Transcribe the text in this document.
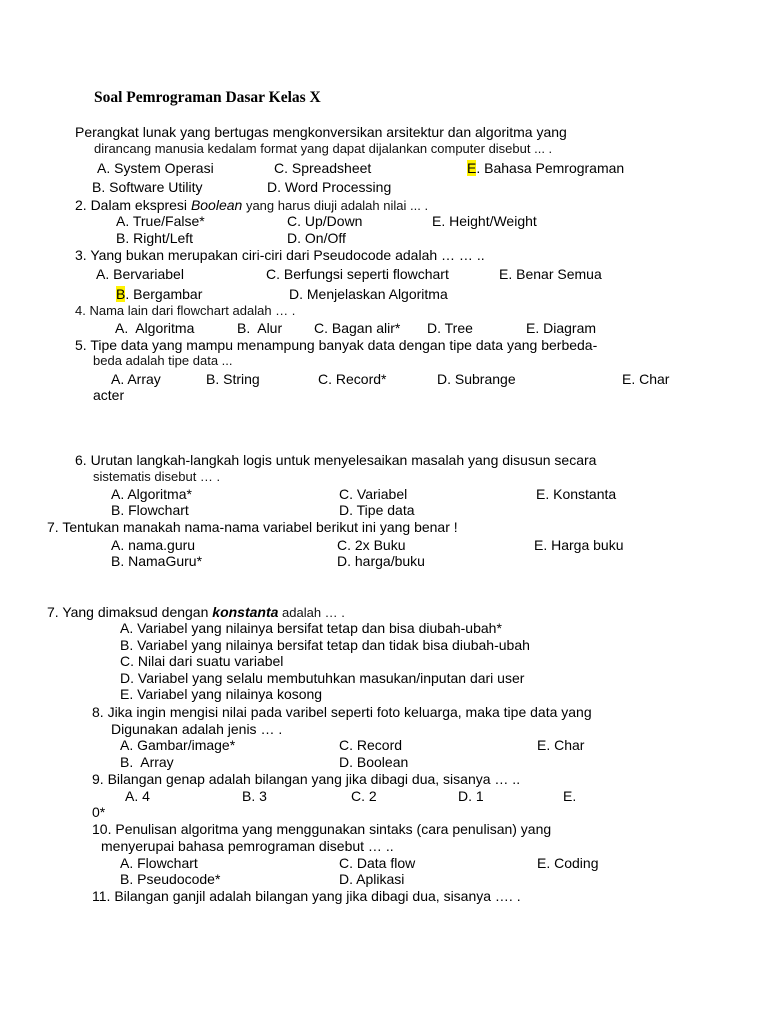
Soal Pemrograman Dasar Kelas X
Perangkat lunak yang bertugas mengkonversikan arsitektur dan algoritma yang
dirancang manusia kedalam format yang dapat dijalankan computer disebut ... .
A. System Operasi	C. Spreadsheet	E. Bahasa Pemrograman
B. Software Utility	D. Word Processing
2. Dalam ekspresi Boolean yang harus diuji adalah nilai ... .
A. True/False*	C. Up/Down	E. Height/Weight
B. Right/Left	D. On/Off
3. Yang bukan merupakan ciri-ciri dari Pseudocode adalah … … ..
A. Bervariabel	C. Berfungsi seperti flowchart	E. Benar Semua
B. Bergambar	D. Menjelaskan Algoritma
4. Nama lain dari flowchart adalah … .
A.  Algoritma	B.  Alur C. Bagan alir* D. Tree	E. Diagram
5. Tipe data yang mampu menampung banyak data dengan tipe data yang berbeda-
beda adalah tipe data ...
A. Array	B. String	C. Record*	D. Subrange	E. Char
acter
6. Urutan langkah-langkah logis untuk menyelesaikan masalah yang disusun secara
sistematis disebut … .
A. Algoritma*	C. Variabel	E. Konstanta
B. Flowchart	D. Tipe data
7. Tentukan manakah nama-nama variabel berikut ini yang benar !
A. nama.guru	C. 2x Buku	E. Harga buku
B. NamaGuru*	D. harga/buku
7. Yang dimaksud dengan konstanta adalah … .
A. Variabel yang nilainya bersifat tetap dan bisa diubah-ubah*
B. Variabel yang nilainya bersifat tetap dan tidak bisa diubah-ubah
C. Nilai dari suatu variabel
D. Variabel yang selalu membutuhkan masukan/inputan dari user
E. Variabel yang nilainya kosong
8. Jika ingin mengisi nilai pada varibel seperti foto keluarga, maka tipe data yang
Digunakan adalah jenis … .
A. Gambar/image*	C. Record	E. Char
B.  Array	D. Boolean
9. Bilangan genap adalah bilangan yang jika dibagi dua, sisanya … ..
A. 4	B. 3	C. 2	D. 1	E.
0*
10. Penulisan algoritma yang menggunakan sintaks (cara penulisan) yang
menyerupai bahasa pemrograman disebut … ..
A. Flowchart	C. Data flow	E. Coding
B. Pseudocode*	D. Aplikasi
11. Bilangan ganjil adalah bilangan yang jika dibagi dua, sisanya …. .
